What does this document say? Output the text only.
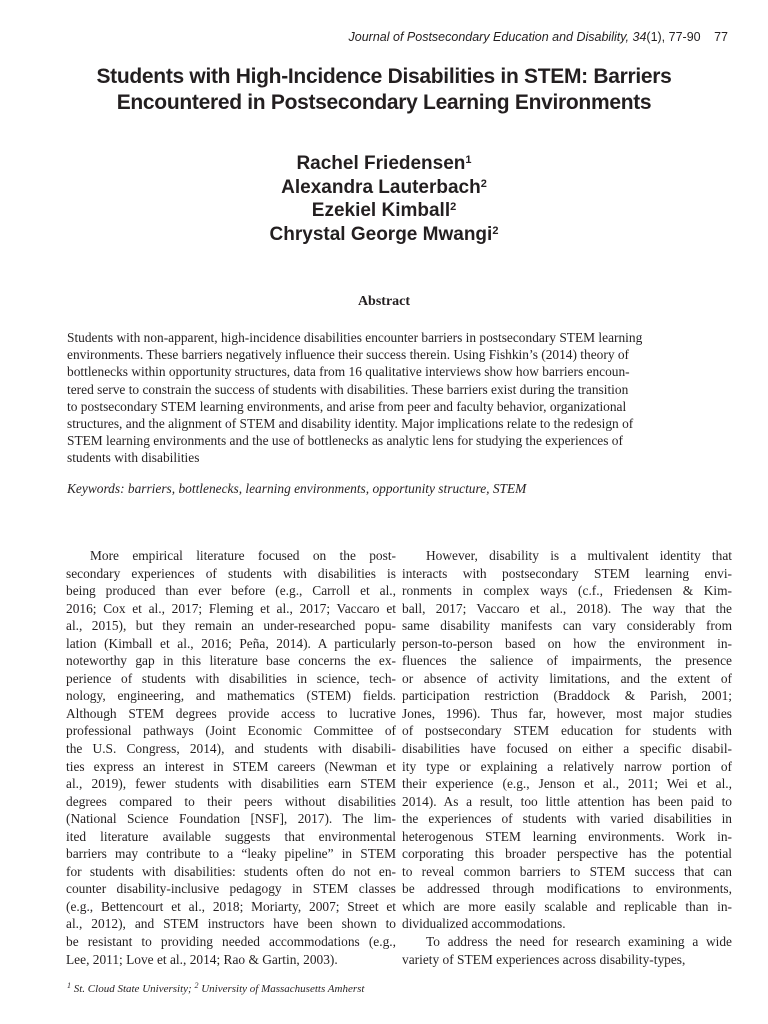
Journal of Postsecondary Education and Disability, 34(1), 77-90 77
Students with High-Incidence Disabilities in STEM: Barriers
Encountered in Postsecondary Learning Environments
Rachel Friedensen$^1$
Alexandra Lauterbach$^2$
Ezekiel Kimball$^2$
Chrystal George Mwangi$^2$
Abstract
Students with non-apparent, high-incidence disabilities encounter barriers in postsecondary STEM learning
environments. These barriers negatively influence their success therein. Using Fishkin’s (2014) theory of
bottlenecks within opportunity structures, data from 16 qualitative interviews show how barriers encoun-
tered serve to constrain the success of students with disabilities. These barriers exist during the transition
to postsecondary STEM learning environments, and arise from peer and faculty behavior, organizational
structures, and the alignment of STEM and disability identity. Major implications relate to the redesign of
STEM learning environments and the use of bottlenecks as analytic lens for studying the experiences of
students with disabilities
Keywords: barriers, bottlenecks, learning environments, opportunity structure, STEM
More empirical literature focused on the post-
secondary experiences of students with disabilities is
being produced than ever before (e.g., Carroll et al.,
2016; Cox et al., 2017; Fleming et al., 2017; Vaccaro et
al., 2015), but they remain an under-researched popu-
lation (Kimball et al., 2016; Peña, 2014). A particularly
noteworthy gap in this literature base concerns the ex-
perience of students with disabilities in science, tech-
nology, engineering, and mathematics (STEM) fields.
Although STEM degrees provide access to lucrative
professional pathways (Joint Economic Committee of
the U.S. Congress, 2014), and students with disabili-
ties express an interest in STEM careers (Newman et
al., 2019), fewer students with disabilities earn STEM
degrees compared to their peers without disabilities
(National Science Foundation [NSF], 2017). The lim-
ited literature available suggests that environmental
barriers may contribute to a “leaky pipeline” in STEM
for students with disabilities: students often do not en-
counter disability-inclusive pedagogy in STEM classes
(e.g., Bettencourt et al., 2018; Moriarty, 2007; Street et
al., 2012), and STEM instructors have been shown to
be resistant to providing needed accommodations (e.g.,
Lee, 2011; Love et al., 2014; Rao & Gartin, 2003).
However, disability is a multivalent identity that
interacts with postsecondary STEM learning envi-
ronments in complex ways (c.f., Friedensen & Kim-
ball, 2017; Vaccaro et al., 2018). The way that the
same disability manifests can vary considerably from
person-to-person based on how the environment in-
fluences the salience of impairments, the presence
or absence of activity limitations, and the extent of
participation restriction (Braddock & Parish, 2001;
Jones, 1996). Thus far, however, most major studies
of postsecondary STEM education for students with
disabilities have focused on either a specific disabil-
ity type or explaining a relatively narrow portion of
their experience (e.g., Jenson et al., 2011; Wei et al.,
2014). As a result, too little attention has been paid to
the experiences of students with varied disabilities in
heterogenous STEM learning environments. Work in-
corporating this broader perspective has the potential
to reveal common barriers to STEM success that can
be addressed through modifications to environments,
which are more easily scalable and replicable than in-
dividualized accommodations.
To address the need for research examining a wide
variety of STEM experiences across disability-types,
$^1$ St. Cloud State University; $^2$ University of Massachusetts Amherst
